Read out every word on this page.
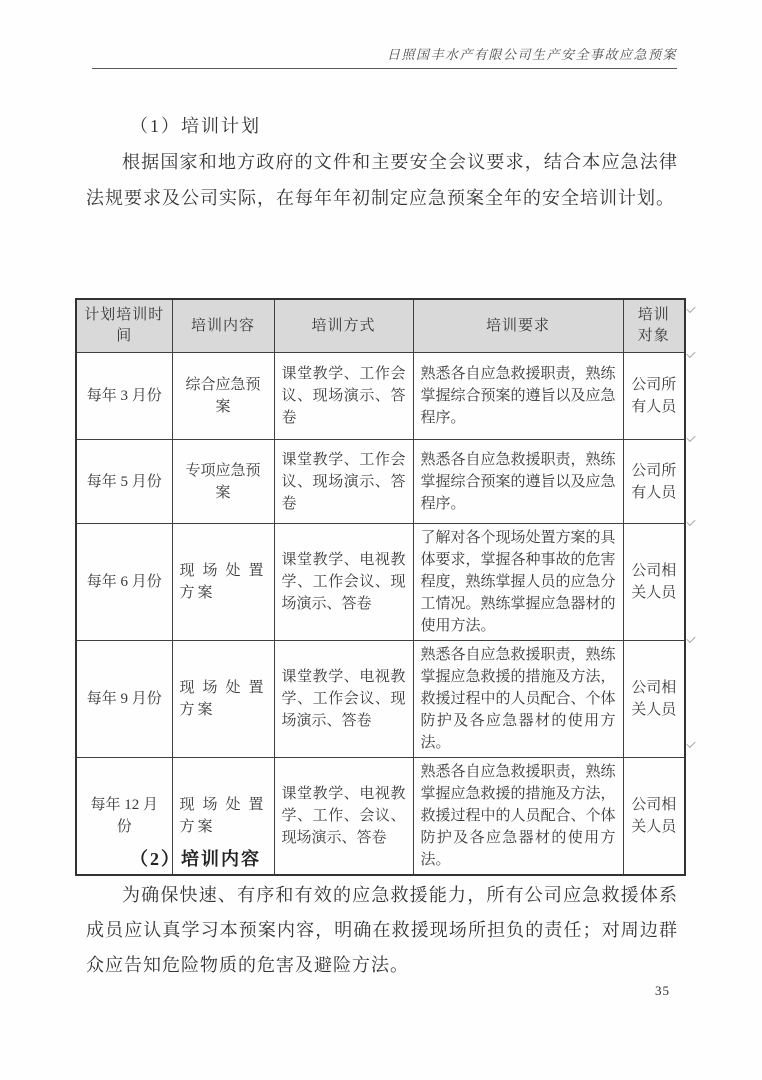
日照国丰水产有限公司生产安全事故应急预案
（1）培训计划

根据国家和地方政府的文件和主要安全会议要求，结合本应急法律法规要求及公司实际，在每年年初制定应急预案全年的安全培训计划。

计划培训时间	培训内容	培训方式	培训要求	培训对象
每年 3 月份	综合应急预案	课堂教学、工作会议、现场演示、答卷	熟悉各自应急救援职责，熟练掌握综合预案的遵旨以及应急程序。	公司所有人员
每年 5 月份	专项应急预案	课堂教学、工作会议、现场演示、答卷	熟悉各自应急救援职责，熟练掌握综合预案的遵旨以及应急程序。	公司所有人员
每年 6 月份	现场处置方案	课堂教学、电视教学、工作会议、现场演示、答卷	了解对各个现场处置方案的具体要求，掌握各种事故的危害程度，熟练掌握人员的应急分工情况。熟练掌握应急器材的使用方法。	公司相关人员
每年 9 月份	现场处置方案	课堂教学、电视教学、工作会议、现场演示、答卷	熟悉各自应急救援职责，熟练掌握应急救援的措施及方法，救援过程中的人员配合、个体防护及各应急器材的使用方法。	公司相关人员
每年 12 月份	现场处置方案	课堂教学、电视教学、工作、会议、现场演示、答卷	熟悉各自应急救援职责，熟练掌握应急救援的措施及方法，救援过程中的人员配合、个体防护及各应急器材的使用方法。	公司相关人员
（2）培训内容

为确保快速、有序和有效的应急救援能力，所有公司应急救援体系成员应认真学习本预案内容，明确在救援现场所担负的责任；对周边群众应告知危险物质的危害及避险方法。

35
